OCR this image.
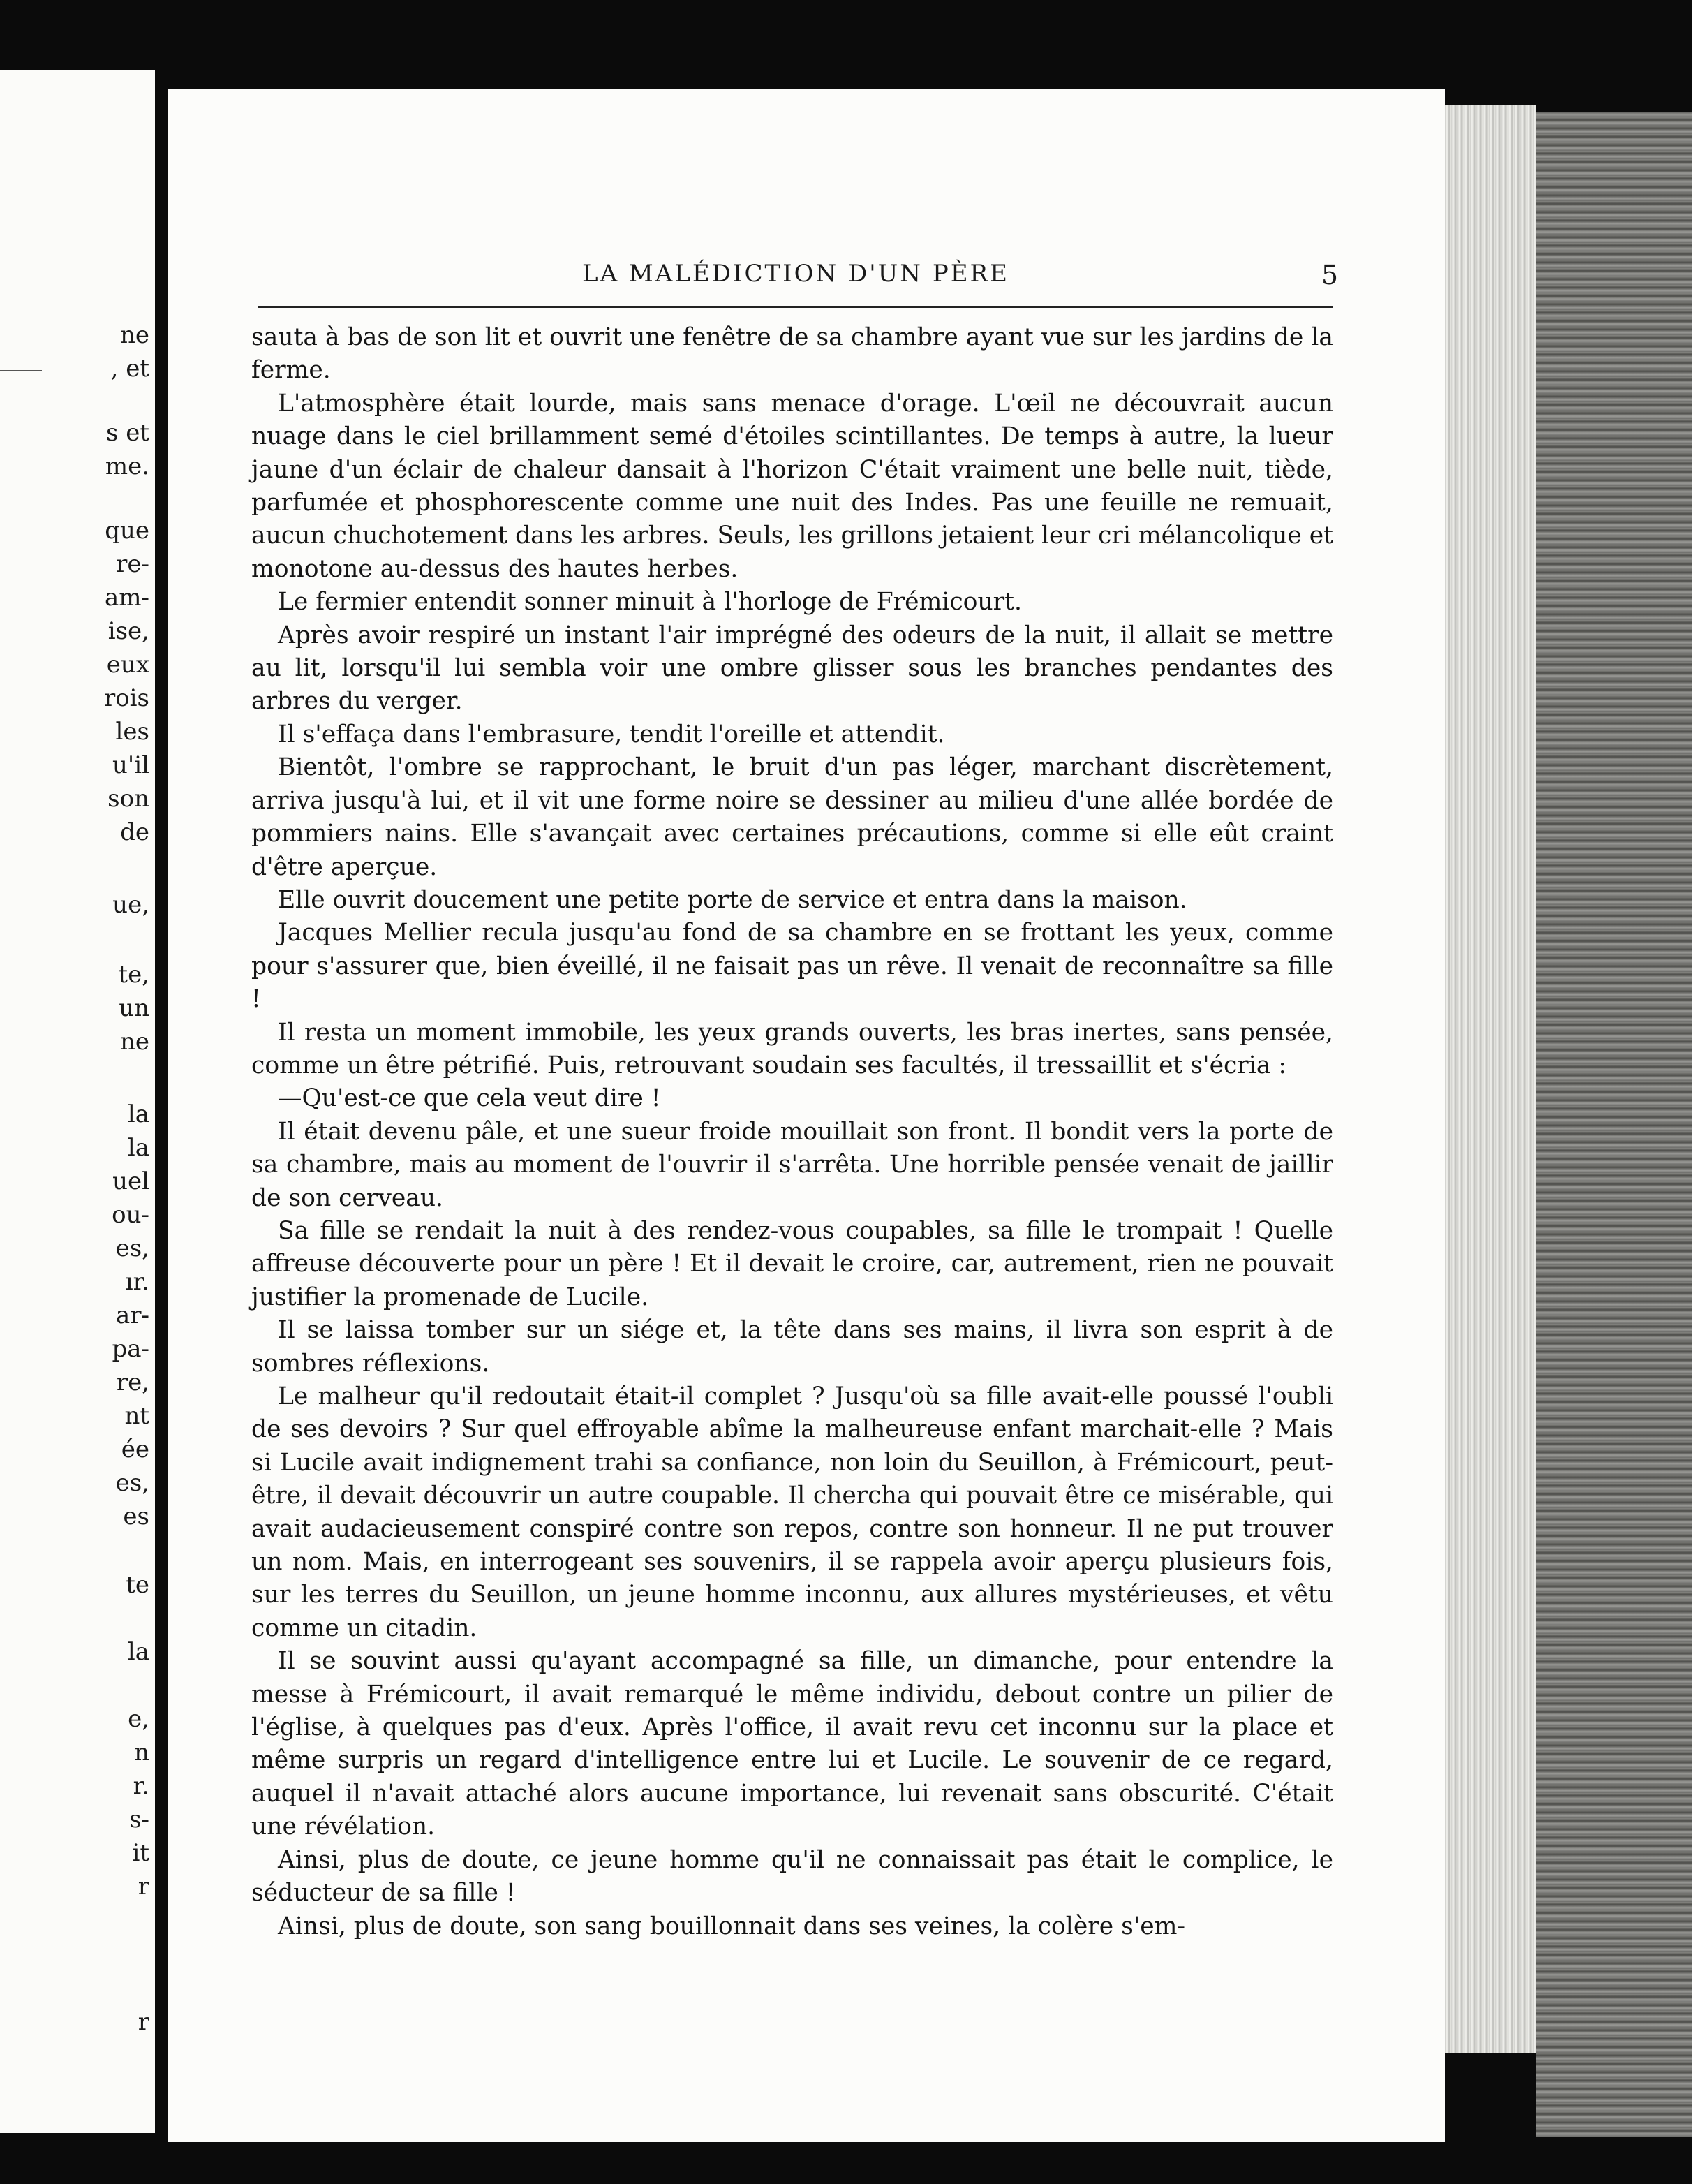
ne

, et

s et

me.

que

re-

am-

ise,

eux

rois

les

u'il

son

de

ue,

te,

un

ne

la

la

uel

ou-

es,

ır.

ar-

pa-

re,

nt

ée

es,

es

te

la

e,

n

r.

s-

it

r

r

LA MALÉDICTION D'UN PÈRE	5

sauta à bas de son lit et ouvrit une fenêtre de sa chambre ayant vue sur les jardins de la ferme.

L'atmosphère était lourde, mais sans menace d'orage. L'œil ne découvrait aucun nuage dans le ciel brillamment semé d'étoiles scintillantes. De temps à autre, la lueur jaune d'un éclair de chaleur dansait à l'horizon C'était vraiment une belle nuit, tiède, parfumée et phosphorescente comme une nuit des Indes. Pas une feuille ne remuait, aucun chuchotement dans les arbres. Seuls, les grillons jetaient leur cri mélancolique et monotone au-dessus des hautes herbes.

Le fermier entendit sonner minuit à l'horloge de Frémicourt.

Après avoir respiré un instant l'air imprégné des odeurs de la nuit, il allait se mettre au lit, lorsqu'il lui sembla voir une ombre glisser sous les branches pendantes des arbres du verger.

Il s'effaça dans l'embrasure, tendit l'oreille et attendit.

Bientôt, l'ombre se rapprochant, le bruit d'un pas léger, marchant discrètement, arriva jusqu'à lui, et il vit une forme noire se dessiner au milieu d'une allée bordée de pommiers nains. Elle s'avançait avec certaines précautions, comme si elle eût craint d'être aperçue.

Elle ouvrit doucement une petite porte de service et entra dans la maison.

Jacques Mellier recula jusqu'au fond de sa chambre en se frottant les yeux, comme pour s'assurer que, bien éveillé, il ne faisait pas un rêve. Il venait de reconnaître sa fille !

Il resta un moment immobile, les yeux grands ouverts, les bras inertes, sans pensée, comme un être pétrifié. Puis, retrouvant soudain ses facultés, il tressaillit et s'écria :

—Qu'est-ce que cela veut dire !

Il était devenu pâle, et une sueur froide mouillait son front. Il bondit vers la porte de sa chambre, mais au moment de l'ouvrir il s'arrêta. Une horrible pensée venait de jaillir de son cerveau.

Sa fille se rendait la nuit à des rendez-vous coupables, sa fille le trompait ! Quelle affreuse découverte pour un père ! Et il devait le croire, car, autrement, rien ne pouvait justifier la promenade de Lucile.

Il se laissa tomber sur un siége et, la tête dans ses mains, il livra son esprit à de sombres réflexions.

Le malheur qu'il redoutait était-il complet ? Jusqu'où sa fille avait-elle poussé l'oubli de ses devoirs ? Sur quel effroyable abîme la malheureuse enfant marchait-elle ? Mais si Lucile avait indignement trahi sa confiance, non loin du Seuillon, à Frémicourt, peut-être, il devait découvrir un autre coupable. Il chercha qui pouvait être ce misérable, qui avait audacieusement conspiré contre son repos, contre son honneur. Il ne put trouver un nom. Mais, en interrogeant ses souvenirs, il se rappela avoir aperçu plusieurs fois, sur les terres du Seuillon, un jeune homme inconnu, aux allures mystérieuses, et vêtu comme un citadin.

Il se souvint aussi qu'ayant accompagné sa fille, un dimanche, pour entendre la messe à Frémicourt, il avait remarqué le même individu, debout contre un pilier de l'église, à quelques pas d'eux. Après l'office, il avait revu cet inconnu sur la place et même surpris un regard d'intelligence entre lui et Lucile. Le souvenir de ce regard, auquel il n'avait attaché alors aucune importance, lui revenait sans obscurité. C'était une révélation.

Ainsi, plus de doute, ce jeune homme qu'il ne connaissait pas était le complice, le séducteur de sa fille !

Ainsi, plus de doute, son sang bouillonnait dans ses veines, la colère s'em-
